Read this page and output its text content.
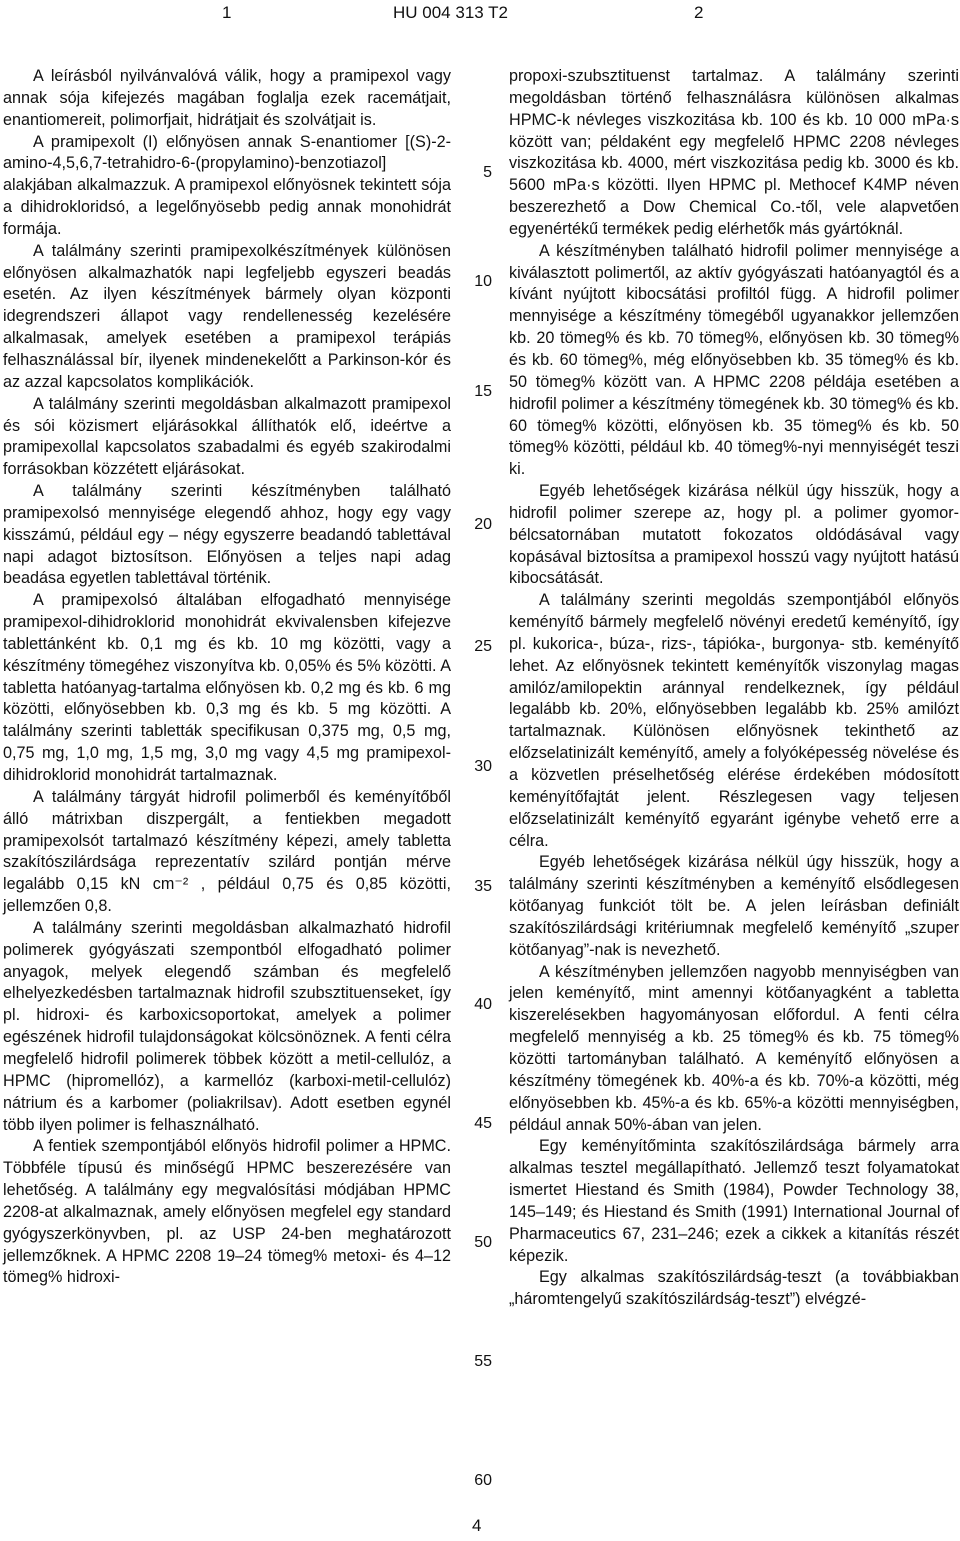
1	HU 004 313 T2	2

A leírásból nyilvánvalóvá válik, hogy a pramipexol vagy annak sója kifejezés magában foglalja ezek racemátjait, enantiomereit, polimorfjait, hidrátjait és szolvátjait is.

A pramipexolt (I) előnyösen annak S-enantiomer [(S)-2-amino-4,5,6,7-tetrahidro-6-(propylamino)-benzotiazol] alakjában alkalmazzuk. A pramipexol előnyösnek tekintett sója a dihidrokloridsó, a legelőnyösebb pedig annak monohidrát formája.

A találmány szerinti pramipexolkészítmények különösen előnyösen alkalmazhatók napi legfeljebb egyszeri beadás esetén. Az ilyen készítmények bármely olyan központi idegrendszeri állapot vagy rendellenesség kezelésére alkalmasak, amelyek esetében a pramipexol terápiás felhasználással bír, ilyenek mindenekelőtt a Parkinson-kór és az azzal kapcsolatos komplikációk.

A találmány szerinti megoldásban alkalmazott pramipexol és sói közismert eljárásokkal állíthatók elő, ideértve a pramipexollal kapcsolatos szabadalmi és egyéb szakirodalmi forrásokban közzétett eljárásokat.

A találmány szerinti készítményben található pramipexolsó mennyisége elegendő ahhoz, hogy egy vagy kisszámú, például egy – négy egyszerre beadandó tablettával napi adagot biztosítson. Előnyösen a teljes napi adag beadása egyetlen tablettával történik.

A pramipexolsó általában elfogadható mennyisége pramipexol-dihidroklorid monohidrát ekvivalensben kifejezve tablettánként kb. 0,1 mg és kb. 10 mg közötti, vagy a készítmény tömegéhez viszonyítva kb. 0,05% és 5% közötti. A tabletta hatóanyag-tartalma előnyösen kb. 0,2 mg és kb. 6 mg közötti, előnyösebben kb. 0,3 mg és kb. 5 mg közötti. A találmány szerinti tabletták specifikusan 0,375 mg, 0,5 mg, 0,75 mg, 1,0 mg, 1,5 mg, 3,0 mg vagy 4,5 mg pramipexol-dihidroklorid monohidrát tartalmaznak.

A találmány tárgyát hidrofil polimerből és keményítőből álló mátrixban diszpergált, a fentiekben megadott pramipexolsót tartalmazó készítmény képezi, amely tabletta szakítószilárdsága reprezentatív szilárd pontján mérve legalább 0,15 kN cm⁻² , például 0,75 és 0,85 közötti, jellemzően 0,8.

A találmány szerinti megoldásban alkalmazható hidrofil polimerek gyógyászati szempontból elfogadható polimer anyagok, melyek elegendő számban és megfelelő elhelyezkedésben tartalmaznak hidrofil szubsztituenseket, így pl. hidroxi- és karboxicsoportokat, amelyek a polimer egészének hidrofil tulajdonságokat kölcsönöznek. A fenti célra megfelelő hidrofil polimerek többek között a metil-cellulóz, a HPMC (hipromellóz), a karmellóz (karboxi-metil-cellulóz) nátrium és a karbomer (poliakrilsav). Adott esetben egynél több ilyen polimer is felhasználható.

A fentiek szempontjából előnyös hidrofil polimer a HPMC. Többféle típusú és minőségű HPMC beszerezésére van lehetőség. A találmány egy megvalósítási módjában HPMC 2208-at alkalmaznak, amely előnyösen megfelel egy standard gyógyszerkönyvben, pl. az USP 24-ben meghatározott jellemzőknek. A HPMC 2208 19–24 tömeg% metoxi- és 4–12 tömeg% hidroxi-

5
10
15
20
25
30
35
40
45
50
55
60

propoxi-szubsztituenst tartalmaz. A találmány szerinti megoldásban történő felhasználásra különösen alkalmas HPMC-k névleges viszkozitása kb. 100 és kb. 10 000 mPa·s között van; példaként egy megfelelő HPMC 2208 névleges viszkozitása kb. 4000, mért viszkozitása pedig kb. 3000 és kb. 5600 mPa·s közötti. Ilyen HPMC pl. Methocef K4MP néven beszerezhető a Dow Chemical Co.-től, vele alapvetően egyenértékű termékek pedig elérhetők más gyártóknál.

A készítményben található hidrofil polimer mennyisége a kiválasztott polimertől, az aktív gyógyászati hatóanyagtól és a kívánt nyújtott kibocsátási profiltól függ. A hidrofil polimer mennyisége a készítmény tömegéből ugyanakkor jellemzően kb. 20 tömeg% és kb. 70 tömeg%, előnyösen kb. 30 tömeg% és kb. 60 tömeg%, még előnyösebben kb. 35 tömeg% és kb. 50 tömeg% között van. A HPMC 2208 példája esetében a hidrofil polimer a készítmény tömegének kb. 30 tömeg% és kb. 60 tömeg% közötti, előnyösen kb. 35 tömeg% és kb. 50 tömeg% közötti, például kb. 40 tömeg%-nyi mennyiségét teszi ki.

Egyéb lehetőségek kizárása nélkül úgy hisszük, hogy a hidrofil polimer szerepe az, hogy pl. a polimer gyomor-bélcsatornában mutatott fokozatos oldódásával vagy kopásával biztosítsa a pramipexol hosszú vagy nyújtott hatású kibocsátását.

A találmány szerinti megoldás szempontjából előnyös keményítő bármely megfelelő növényi eredetű keményítő, így pl. kukorica-, búza-, rizs-, tápióka-, burgonya- stb. keményítő lehet. Az előnyösnek tekintett keményítők viszonylag magas amilóz/amilopektin aránnyal rendelkeznek, így például legalább kb. 20%, előnyösebben legalább kb. 25% amilózt tartalmaznak. Különösen előnyösnek tekinthető az előzselatinizált keményítő, amely a folyóképesség növelése és a közvetlen préselhetőség elérése érdekében módosított keményítőfajtát jelent. Részlegesen vagy teljesen előzselatinizált keményítő egyaránt igénybe vehető erre a célra.

Egyéb lehetőségek kizárása nélkül úgy hisszük, hogy a találmány szerinti készítményben a keményítő elsődlegesen kötőanyag funkciót tölt be. A jelen leírásban definiált szakítószilárdsági kritériumnak megfelelő keményítő „szuper kötőanyag”-nak is nevezhető.

A készítményben jellemzően nagyobb mennyiségben van jelen keményítő, mint amennyi kötőanyagként a tabletta kiszerelésekben hagyományosan előfordul. A fenti célra megfelelő mennyiség a kb. 25 tömeg% és kb. 75 tömeg% közötti tartományban található. A keményítő előnyösen a készítmény tömegének kb. 40%-a és kb. 70%-a közötti, még előnyösebben kb. 45%-a és kb. 65%-a közötti mennyiségben, például annak 50%-ában van jelen.

Egy keményítőminta szakítószilárdsága bármely arra alkalmas tesztel megállapítható. Jellemző teszt folyamatokat ismertet Hiestand és Smith (1984), Powder Technology 38, 145–149; és Hiestand és Smith (1991) International Journal of Pharmaceutics 67, 231–246; ezek a cikkek a kitanítás részét képezik.

Egy alkalmas szakítószilárdság-teszt (a továbbiakban „háromtengelyű szakítószilárdság-teszt”) elvégzé-

4
